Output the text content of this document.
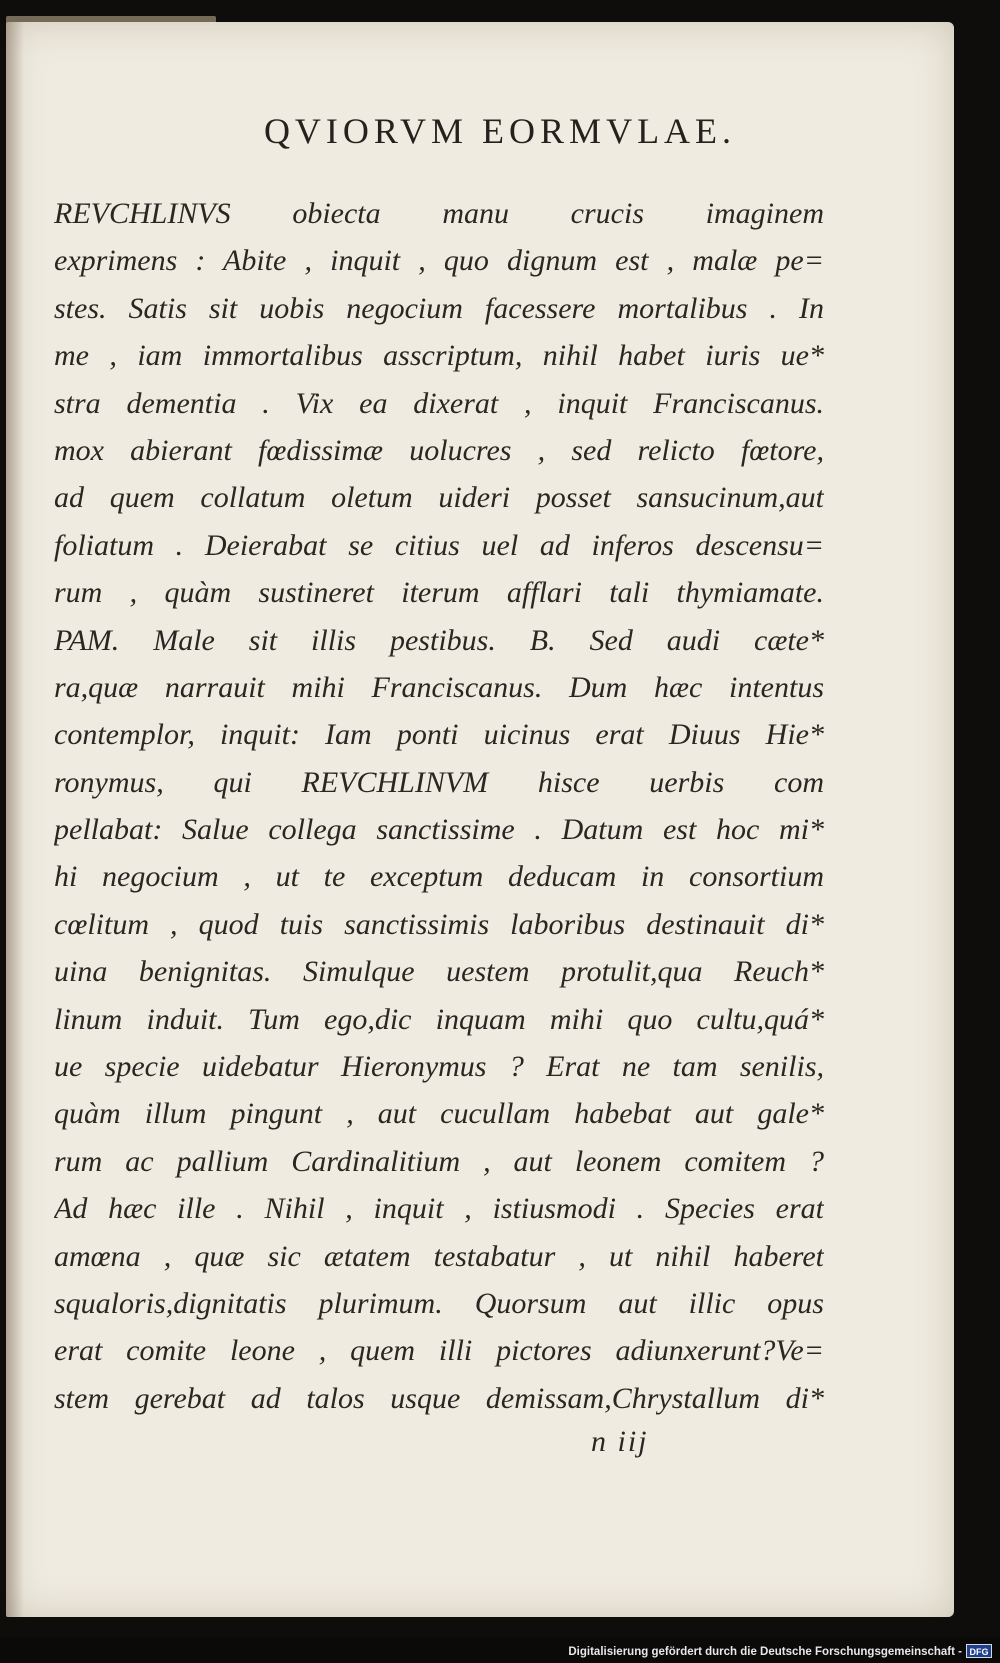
QVIORVM EORMVLAE.
REVCHLINVS obiecta manu crucis imaginem
exprimens : Abite , inquit , quo dignum est , malæ pe=
stes. Satis sit uobis negocium facessere mortalibus . In
me , iam immortalibus asscriptum, nihil habet iuris ue*
stra dementia . Vix ea dixerat , inquit Franciscanus.
mox abierant fœdissimæ uolucres , sed relicto fœtore,
ad quem collatum oletum uideri posset sansucinum,aut
foliatum . Deierabat se citius uel ad inferos descensu=
rum , quàm sustineret iterum afflari tali thymiamate.
PAM. Male sit illis pestibus. B. Sed audi cæte*
ra,quæ narrauit mihi Franciscanus. Dum hæc intentus
contemplor, inquit: Iam ponti uicinus erat Diuus Hie*
ronymus, qui REVCHLINVM hisce uerbis com
pellabat: Salue collega sanctissime . Datum est hoc mi*
hi negocium , ut te exceptum deducam in consortium
cœlitum , quod tuis sanctissimis laboribus destinauit di*
uina benignitas. Simulque uestem protulit,qua Reuch*
linum induit. Tum ego,dic inquam mihi quo cultu,quá*
ue specie uidebatur Hieronymus ? Erat ne tam senilis,
quàm illum pingunt , aut cucullam habebat aut gale*
rum ac pallium Cardinalitium , aut leonem comitem ?
Ad hæc ille . Nihil , inquit , istiusmodi . Species erat
amœna , quæ sic ætatem testabatur , ut nihil haberet
squaloris,dignitatis plurimum. Quorsum aut illic opus
erat comite leone , quem illi pictores adiunxerunt?Ve=
stem gerebat ad talos usque demissam,Chrystallum di*
n iij
Digitalisierung gefördert durch die Deutsche Forschungsgemeinschaft - DFG
